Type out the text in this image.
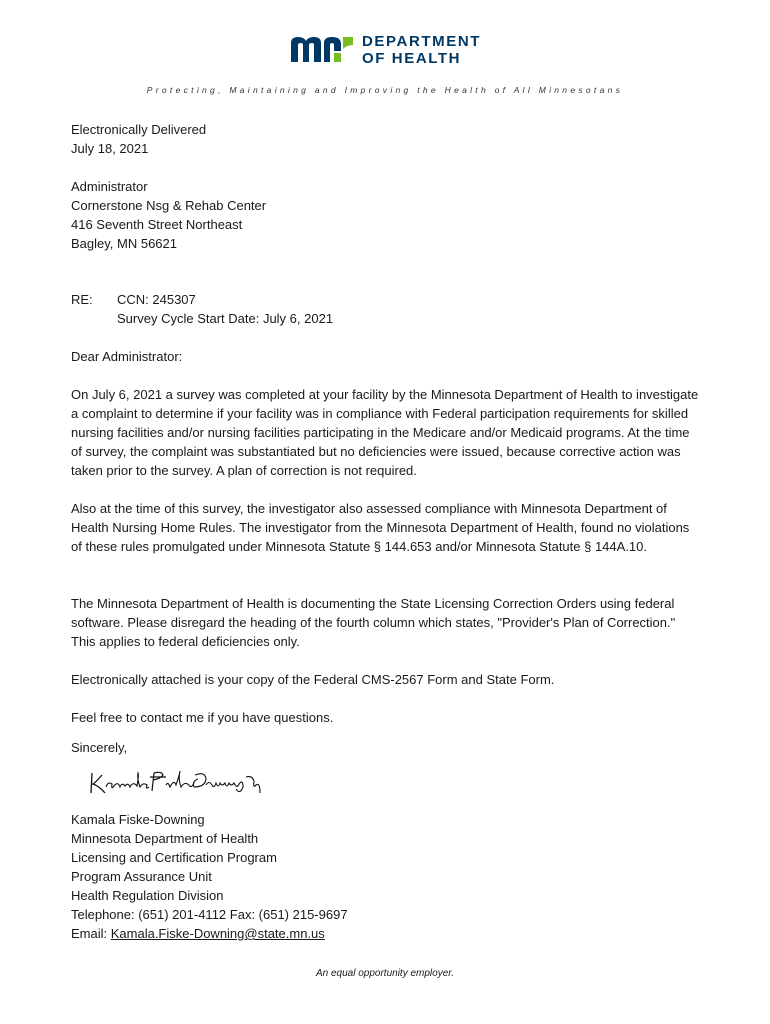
DEPARTMENT
OF HEALTH
Protecting, Maintaining and Improving the Health of All Minnesotans
Electronically Delivered
July 18, 2021
Administrator
Cornerstone Nsg & Rehab Center
416 Seventh Street Northeast
Bagley, MN 56621
RE: CCN: 245307
Survey Cycle Start Date: July 6, 2021
Dear Administrator:
On July 6, 2021 a survey was completed at your facility by the Minnesota Department of Health to investigate a complaint to determine if your facility was in compliance with Federal participation requirements for skilled nursing facilities and/or nursing facilities participating in the Medicare and/or Medicaid programs. At the time of survey, the complaint was substantiated but no deficiencies were issued, because corrective action was taken prior to the survey. A plan of correction is not required.
Also at the time of this survey, the investigator also assessed compliance with Minnesota Department of Health Nursing Home Rules. The investigator from the Minnesota Department of Health, found no violations of these rules promulgated under Minnesota Statute § 144.653 and/or Minnesota Statute § 144A.10.
The Minnesota Department of Health is documenting the State Licensing Correction Orders using federal software. Please disregard the heading of the fourth column which states, "Provider's Plan of Correction." This applies to federal deficiencies only.
Electronically attached is your copy of the Federal CMS-2567 Form and State Form.
Feel free to contact me if you have questions.
Sincerely,
Kamala Fiske-Downing
Minnesota Department of Health
Licensing and Certification Program
Program Assurance Unit
Health Regulation Division
Telephone: (651) 201-4112 Fax: (651) 215-9697
Email: Kamala.Fiske-Downing@state.mn.us
An equal opportunity employer.
